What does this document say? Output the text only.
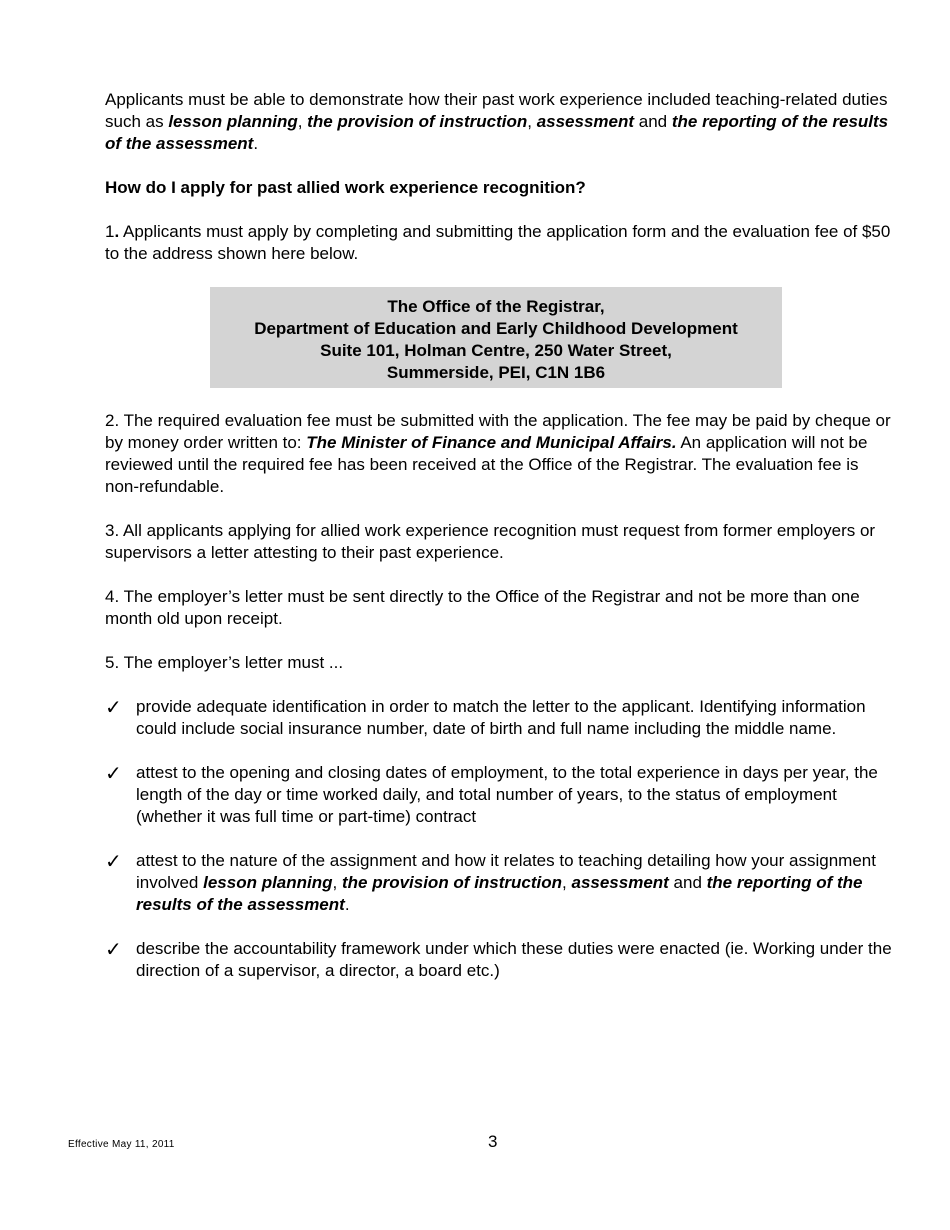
Applicants must be able to demonstrate how their past work experience included teaching-related duties such as lesson planning, the provision of instruction, assessment and the reporting of the results of the assessment.

How do I apply for past allied work experience recognition?

1. Applicants must apply by completing and submitting the application form and the evaluation fee of $50 to the address shown here below.

The Office of the Registrar,
Department of Education and Early Childhood Development
Suite 101, Holman Centre, 250 Water Street,
Summerside, PEI, C1N 1B6

2. The required evaluation fee must be submitted with the application. The fee may be paid by cheque or by money order written to: The Minister of Finance and Municipal Affairs. An application will not be reviewed until the required fee has been received at the Office of the Registrar. The evaluation fee is non-refundable.

3. All applicants applying for allied work experience recognition must request from former employers or supervisors a letter attesting to their past experience.

4. The employer’s letter must be sent directly to the Office of the Registrar and not be more than one month old upon receipt.

5. The employer’s letter must ...

✓ provide adequate identification in order to match the letter to the applicant. Identifying information could include social insurance number, date of birth and full name including the middle name.
✓ attest to the opening and closing dates of employment, to the total experience in days per year, the length of the day or time worked daily, and total number of years, to the status of employment (whether it was full time or part-time) contract
✓ attest to the nature of the assignment and how it relates to teaching detailing how your assignment involved lesson planning, the provision of instruction, assessment and the reporting of the results of the assessment.
✓ describe the accountability framework under which these duties were enacted (ie. Working under the direction of a supervisor, a director, a board etc.)
Effective May 11, 2011	3
